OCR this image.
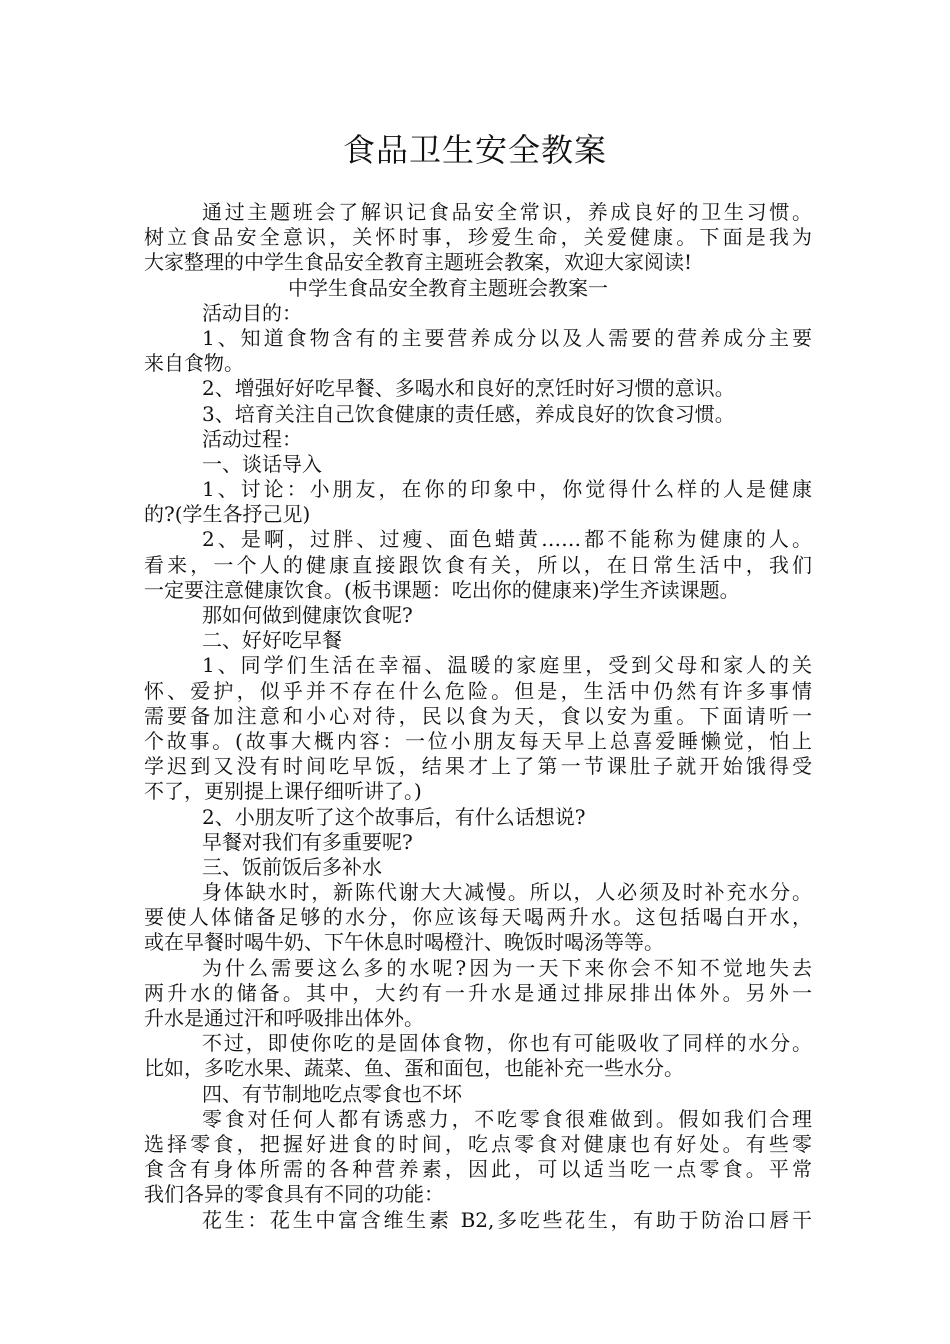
食品卫生安全教案
通过主题班会了解识记食品安全常识，养成良好的卫生习惯。
树立食品安全意识，关怀时事，珍爱生命，关爱健康。下面是我为
大家整理的中学生食品安全教育主题班会教案，欢迎大家阅读!
中学生食品安全教育主题班会教案一
活动目的：
1、知道食物含有的主要营养成分以及人需要的营养成分主要
来自食物。
2、增强好好吃早餐、多喝水和良好的烹饪时好习惯的意识。
3、培育关注自己饮食健康的责任感，养成良好的饮食习惯。
活动过程：
一、谈话导入
1、讨论：小朋友，在你的印象中，你觉得什么样的人是健康
的?(学生各抒己见)
2、是啊，过胖、过瘦、面色蜡黄……都不能称为健康的人。
看来，一个人的健康直接跟饮食有关，所以，在日常生活中，我们
一定要注意健康饮食。(板书课题：吃出你的健康来)学生齐读课题。
那如何做到健康饮食呢?
二、好好吃早餐
1、同学们生活在幸福、温暖的家庭里，受到父母和家人的关
怀、爱护，似乎并不存在什么危险。但是，生活中仍然有许多事情
需要备加注意和小心对待，民以食为天，食以安为重。下面请听一
个故事。(故事大概内容：一位小朋友每天早上总喜爱睡懒觉，怕上
学迟到又没有时间吃早饭，结果才上了第一节课肚子就开始饿得受
不了，更别提上课仔细听讲了。)
2、小朋友听了这个故事后，有什么话想说?
早餐对我们有多重要呢?
三、饭前饭后多补水
身体缺水时，新陈代谢大大减慢。所以，人必须及时补充水分。
要使人体储备足够的水分，你应该每天喝两升水。这包括喝白开水，
或在早餐时喝牛奶、下午休息时喝橙汁、晚饭时喝汤等等。
为什么需要这么多的水呢?因为一天下来你会不知不觉地失去
两升水的储备。其中，大约有一升水是通过排尿排出体外。另外一
升水是通过汗和呼吸排出体外。
不过，即使你吃的是固体食物，你也有可能吸收了同样的水分。
比如，多吃水果、蔬菜、鱼、蛋和面包，也能补充一些水分。
四、有节制地吃点零食也不坏
零食对任何人都有诱惑力，不吃零食很难做到。假如我们合理
选择零食，把握好进食的时间，吃点零食对健康也有好处。有些零
食含有身体所需的各种营养素，因此，可以适当吃一点零食。平常
我们各异的零食具有不同的功能：
花生：花生中富含维生素 B2,多吃些花生，有助于防治口唇干
